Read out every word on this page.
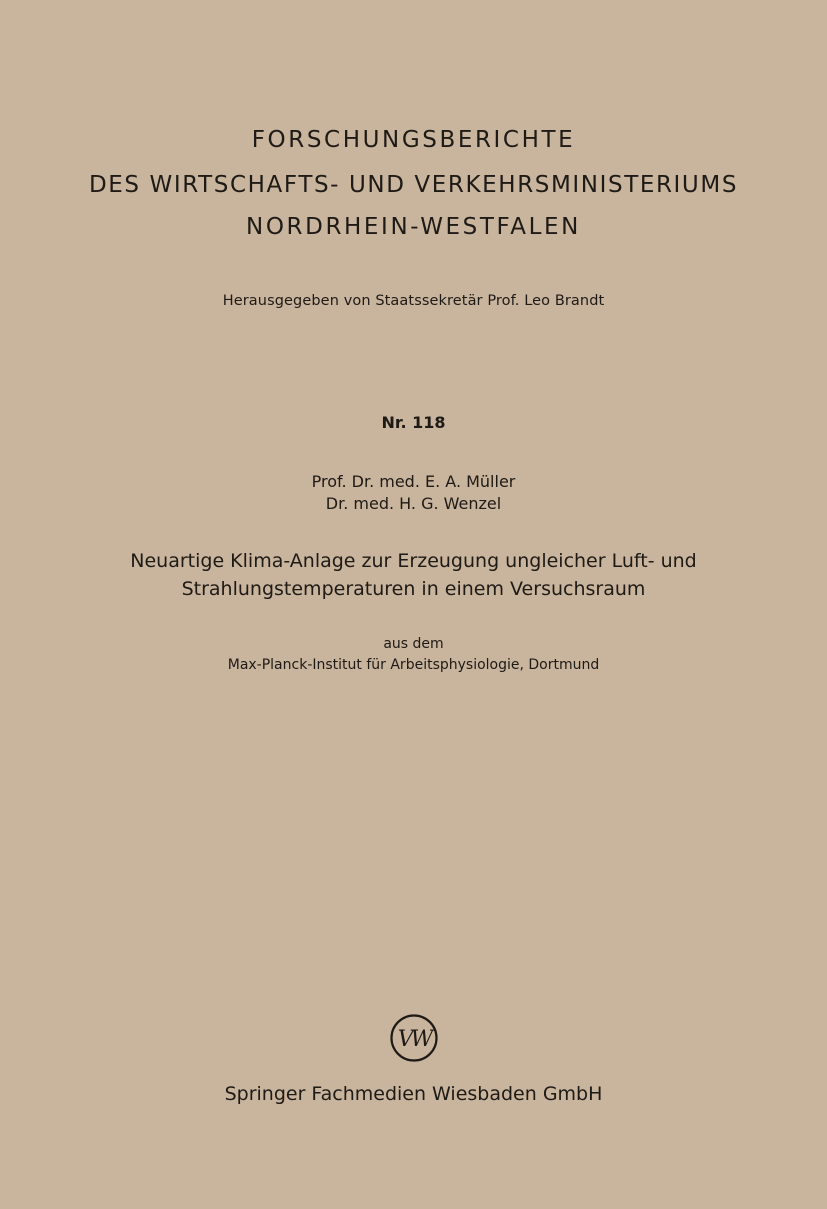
FORSCHUNGSBERICHTE
DES WIRTSCHAFTS- UND VERKEHRSMINISTERIUMS
NORDRHEIN-WESTFALEN
Herausgegeben von Staatssekretär Prof. Leo Brandt
Nr. 118
Prof. Dr. med. E. A. Müller
Dr. med. H. G. Wenzel
Neuartige Klima-Anlage zur Erzeugung ungleicher Luft- und
Strahlungstemperaturen in einem Versuchsraum
aus dem
Max-Planck-Institut für Arbeitsphysiologie, Dortmund
VW
Springer Fachmedien Wiesbaden GmbH
